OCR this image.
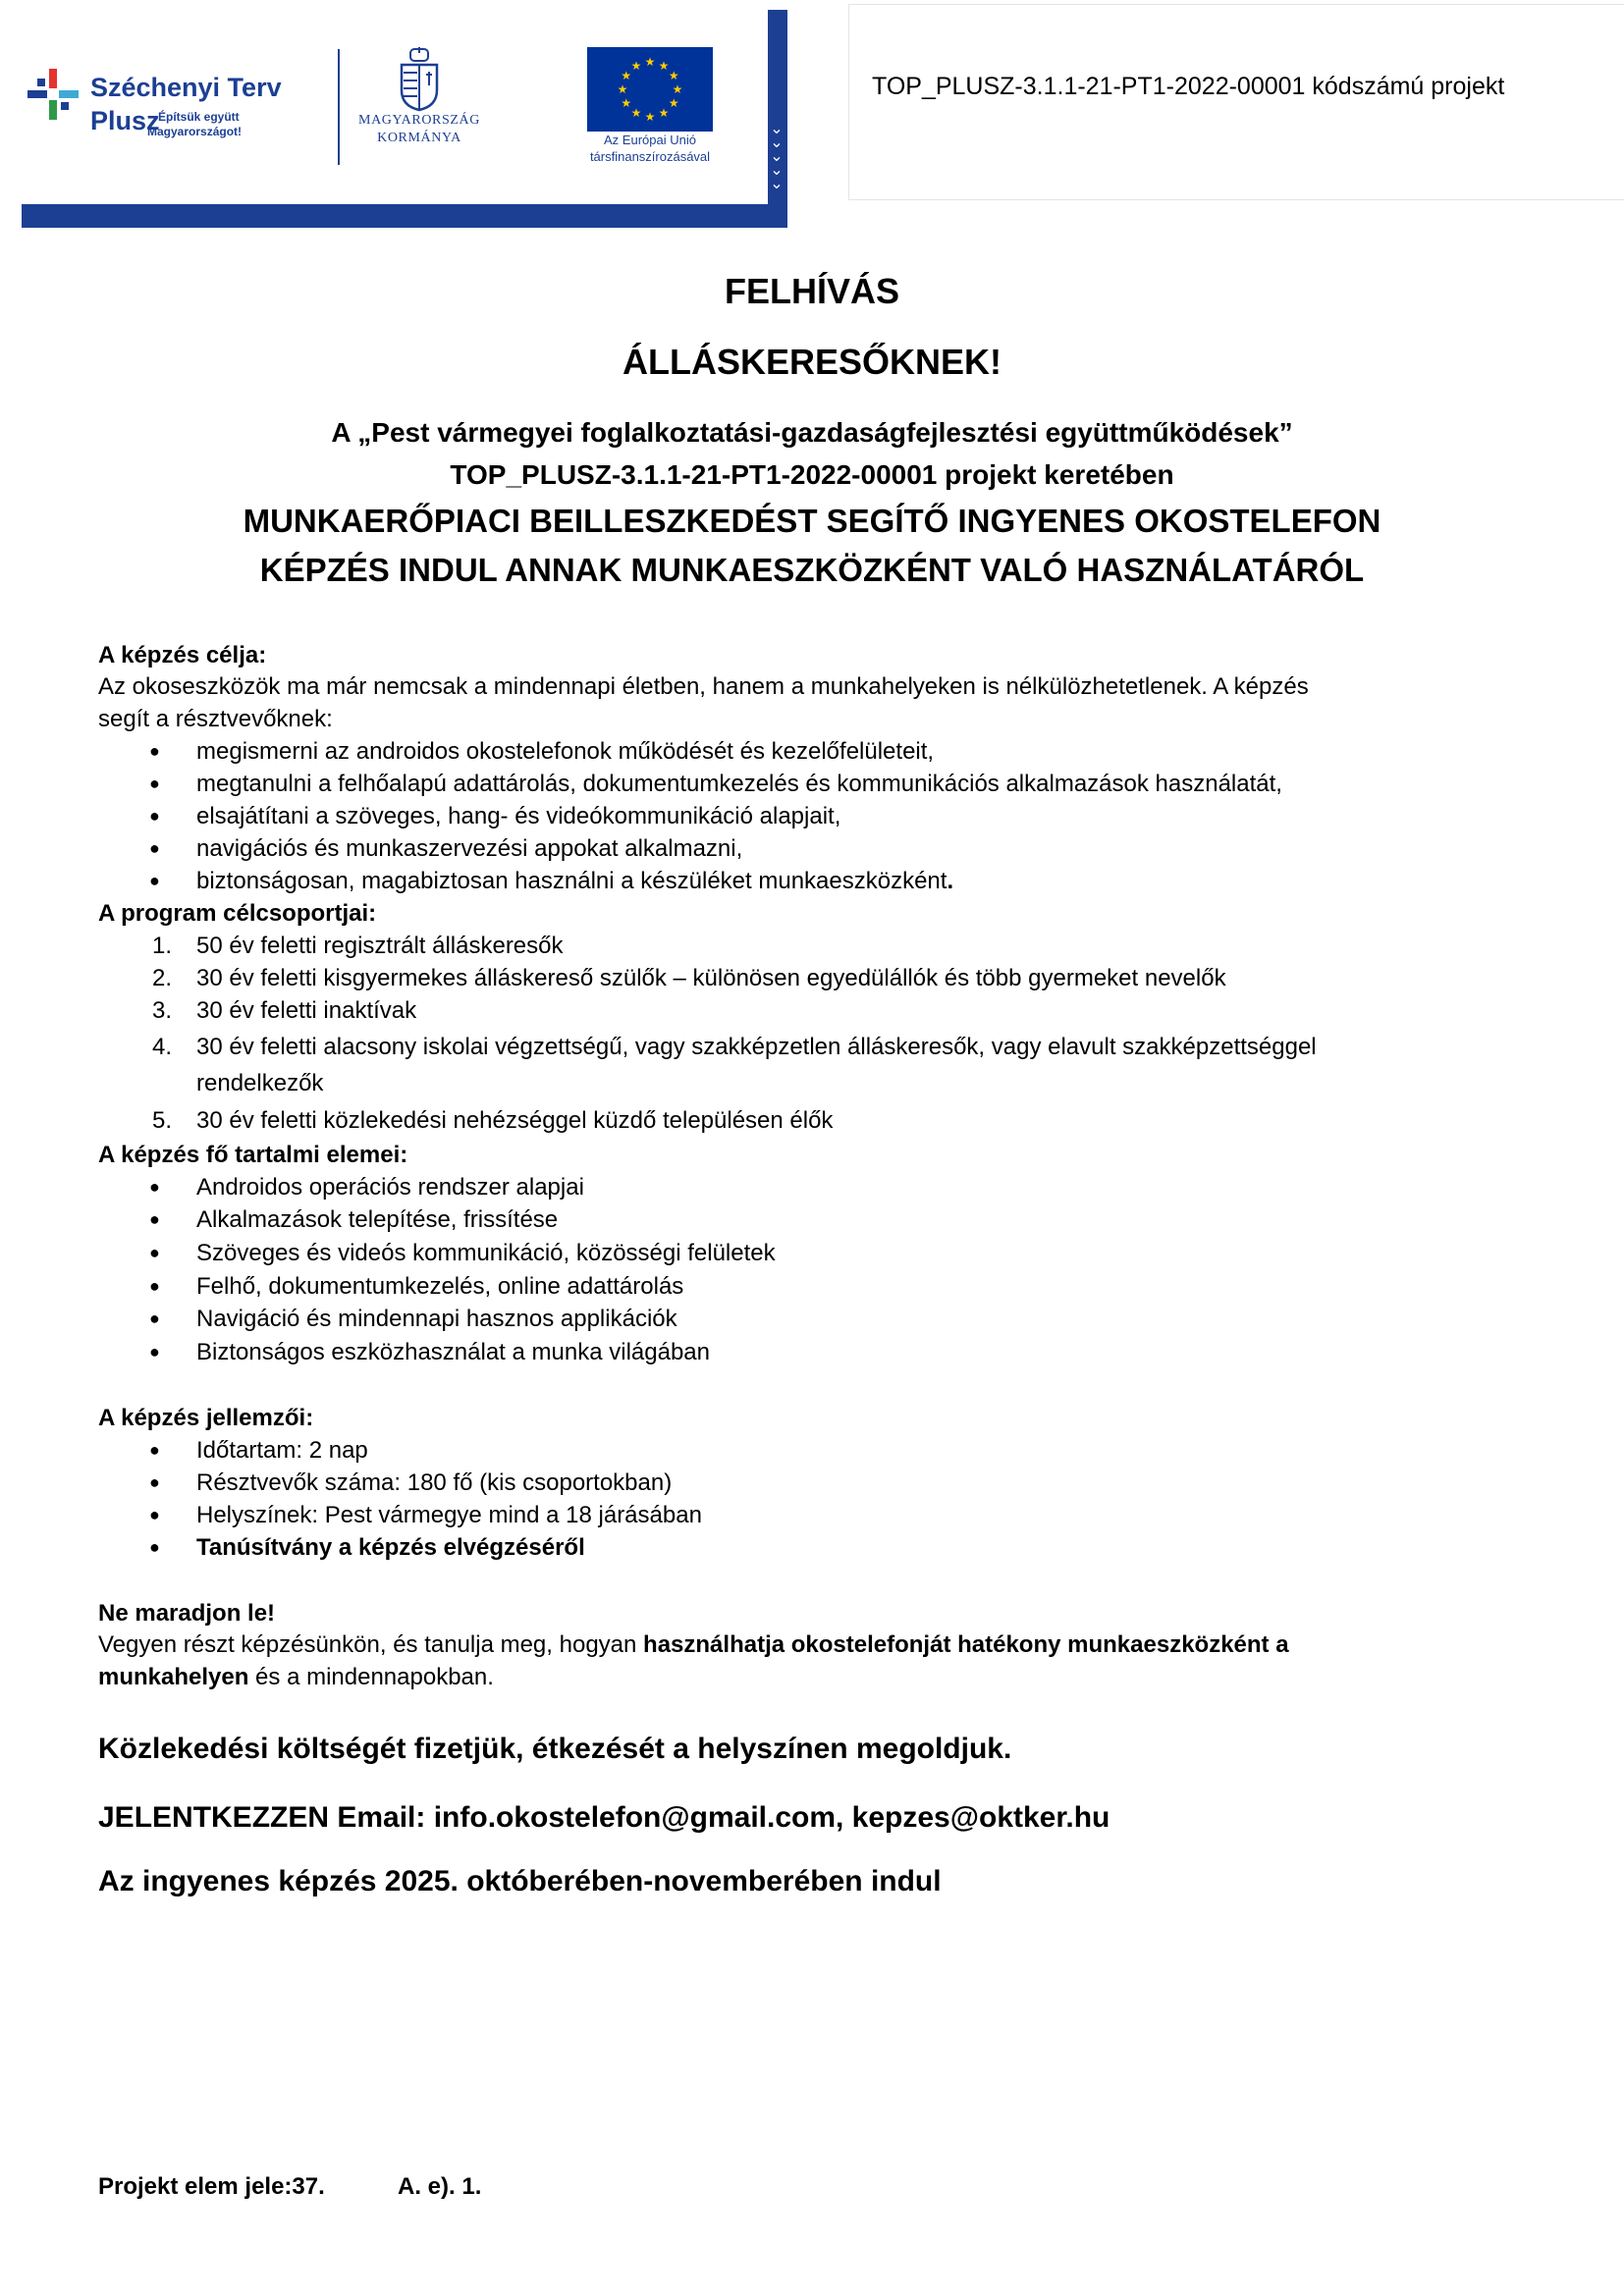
⌄
⌄
⌄
⌄
⌄
Széchenyi Terv
Plusz
Építsük együtt
Magyarországot!
MAGYARORSZÁG
KORMÁNYA
★
★
★
★
★
★
★
★
★ ★ ★
★
Az Európai Unió
társfinanszírozásával
TOP_PLUSZ-3.1.1-21-PT1-2022-00001 kódszámú projekt
FELHÍVÁS
ÁLLÁSKERESŐKNEK!
A „Pest vármegyei foglalkoztatási-gazdaságfejlesztési együttműködések”
TOP_PLUSZ-3.1.1-21-PT1-2022-00001 projekt keretében
MUNKAERŐPIACI BEILLESZKEDÉST SEGÍTŐ INGYENES OKOSTELEFON
KÉPZÉS INDUL ANNAK MUNKAESZKÖZKÉNT VALÓ HASZNÁLATÁRÓL
A képzés célja:
Az okoseszközök ma már nemcsak a mindennapi életben, hanem a munkahelyeken is nélkülözhetetlenek. A képzés
segít a résztvevőknek:
● megismerni az androidos okostelefonok működését és kezelőfelületeit,
● megtanulni a felhőalapú adattárolás, dokumentumkezelés és kommunikációs alkalmazások használatát,
● elsajátítani a szöveges, hang- és videókommunikáció alapjait,
● navigációs és munkaszervezési appokat alkalmazni,
● biztonságosan, magabiztosan használni a készüléket munkaeszközként.
A program célcsoportjai:
1. 50 év feletti regisztrált álláskeresők
2. 30 év feletti kisgyermekes álláskereső szülők – különösen egyedülállók és több gyermeket nevelők
3. 30 év feletti inaktívak
4. 30 év feletti alacsony iskolai végzettségű, vagy szakképzetlen álláskeresők, vagy elavult szakképzettséggel
rendelkezők
5. 30 év feletti közlekedési nehézséggel küzdő településen élők
A képzés fő tartalmi elemei:
● Androidos operációs rendszer alapjai
● Alkalmazások telepítése, frissítése
● Szöveges és videós kommunikáció, közösségi felületek
● Felhő, dokumentumkezelés, online adattárolás
● Navigáció és mindennapi hasznos applikációk
● Biztonságos eszközhasználat a munka világában
A képzés jellemzői:
● Időtartam: 2 nap
● Résztvevők száma: 180 fő (kis csoportokban)
● Helyszínek: Pest vármegye mind a 18 járásában
● Tanúsítvány a képzés elvégzéséről
Ne maradjon le!
Vegyen részt képzésünkön, és tanulja meg, hogyan használhatja okostelefonját hatékony munkaeszközként a
munkahelyen és a mindennapokban.
Közlekedési költségét fizetjük, étkezését a helyszínen megoldjuk.
JELENTKEZZEN Email: info.okostelefon@gmail.com, kepzes@oktker.hu
Az ingyenes képzés 2025. októberében-novemberében indul
Projekt elem jele:37.	A. e). 1.
